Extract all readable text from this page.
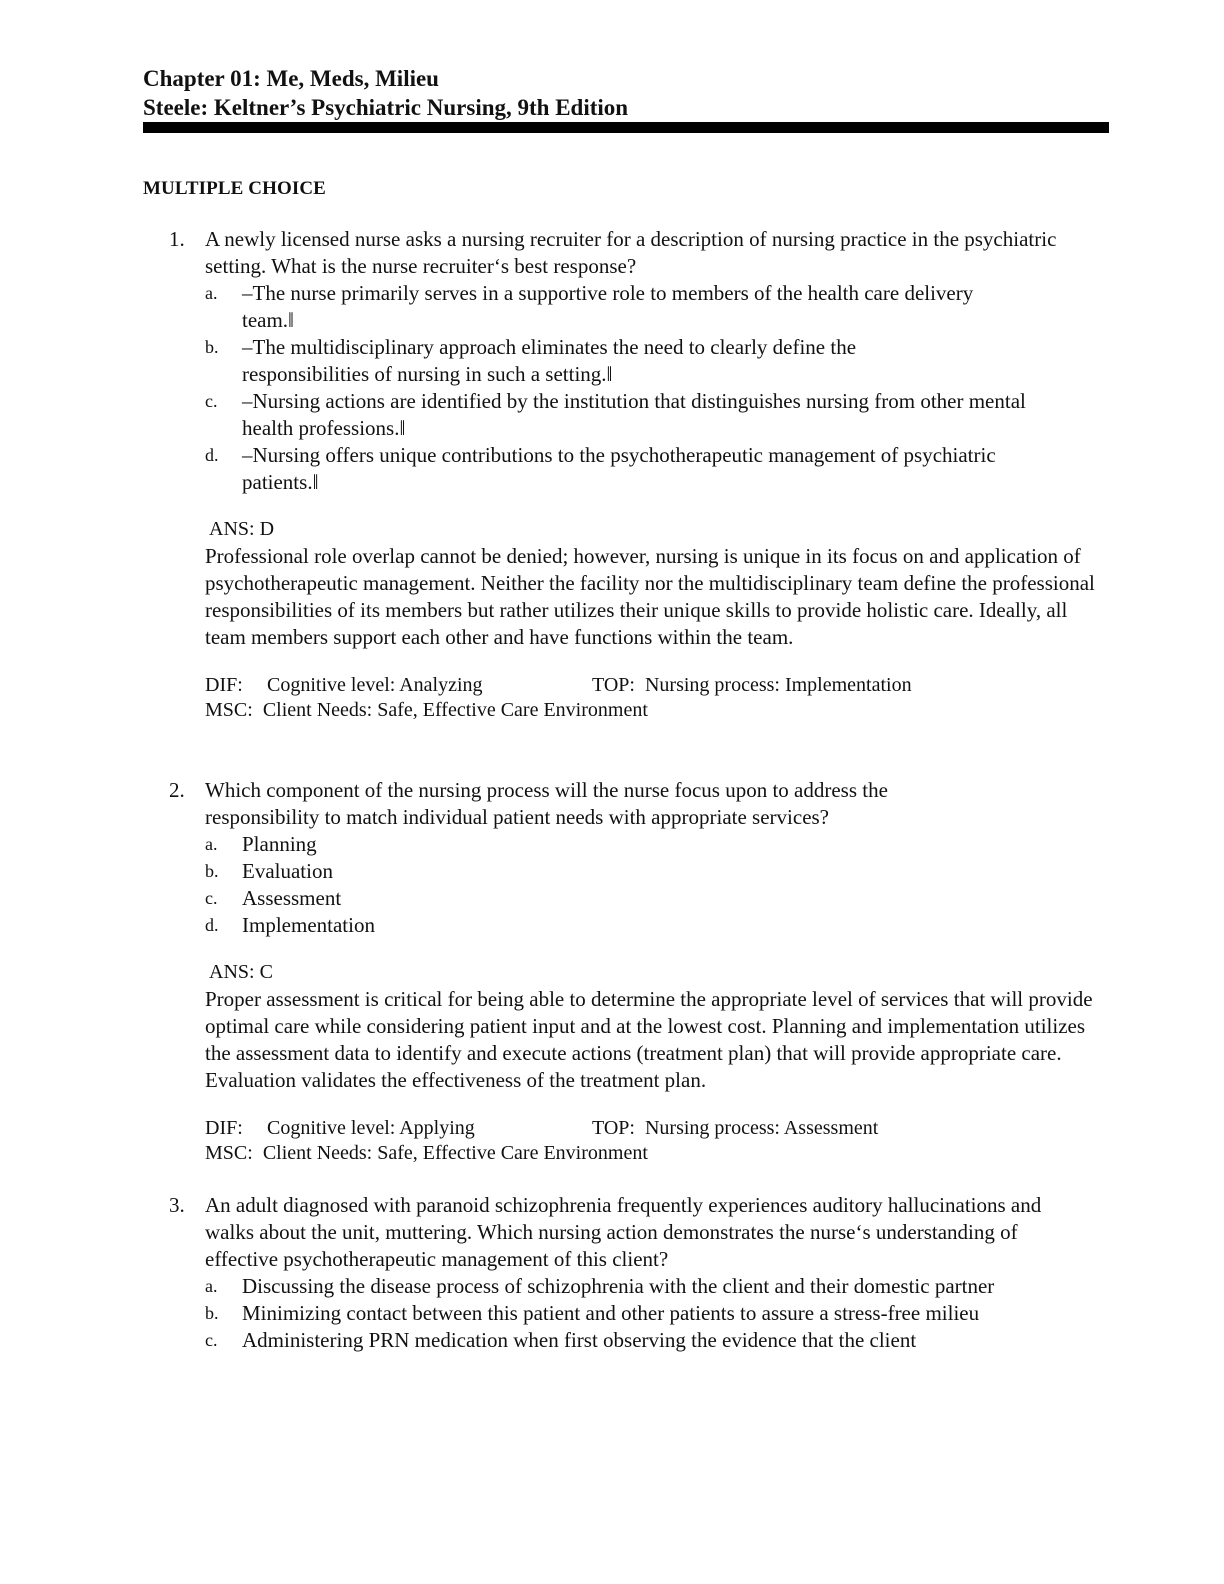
Chapter 01: Me, Meds, Milieu
Steele: Keltner’s Psychiatric Nursing, 9th Edition
MULTIPLE CHOICE
1. A newly licensed nurse asks a nursing recruiter for a description of nursing practice in the psychiatric setting. What is the nurse recruiter‘s best response?
a. –The nurse primarily serves in a supportive role to members of the health care delivery team.‖
b. –The multidisciplinary approach eliminates the need to clearly define the responsibilities of nursing in such a setting.‖
c. –Nursing actions are identified by the institution that distinguishes nursing from other mental health professions.‖
d. –Nursing offers unique contributions to the psychotherapeutic management of psychiatric patients.‖
ANS: D
Professional role overlap cannot be denied; however, nursing is unique in its focus on and application of psychotherapeutic management. Neither the facility nor the multidisciplinary team define the professional responsibilities of its members but rather utilizes their unique skills to provide holistic care. Ideally, all team members support each other and have functions within the team.
DIF: Cognitive level: Analyzing	TOP: Nursing process: Implementation
MSC: Client Needs: Safe, Effective Care Environment
2. Which component of the nursing process will the nurse focus upon to address the responsibility to match individual patient needs with appropriate services?
a. Planning
b. Evaluation
c. Assessment
d. Implementation
ANS: C
Proper assessment is critical for being able to determine the appropriate level of services that will provide optimal care while considering patient input and at the lowest cost. Planning and implementation utilizes the assessment data to identify and execute actions (treatment plan) that will provide appropriate care. Evaluation validates the effectiveness of the treatment plan.
DIF: Cognitive level: Applying	TOP: Nursing process: Assessment
MSC: Client Needs: Safe, Effective Care Environment
3. An adult diagnosed with paranoid schizophrenia frequently experiences auditory hallucinations and walks about the unit, muttering. Which nursing action demonstrates the nurse‘s understanding of effective psychotherapeutic management of this client?
a. Discussing the disease process of schizophrenia with the client and their domestic partner
b. Minimizing contact between this patient and other patients to assure a stress-free milieu
c. Administering PRN medication when first observing the evidence that the client
